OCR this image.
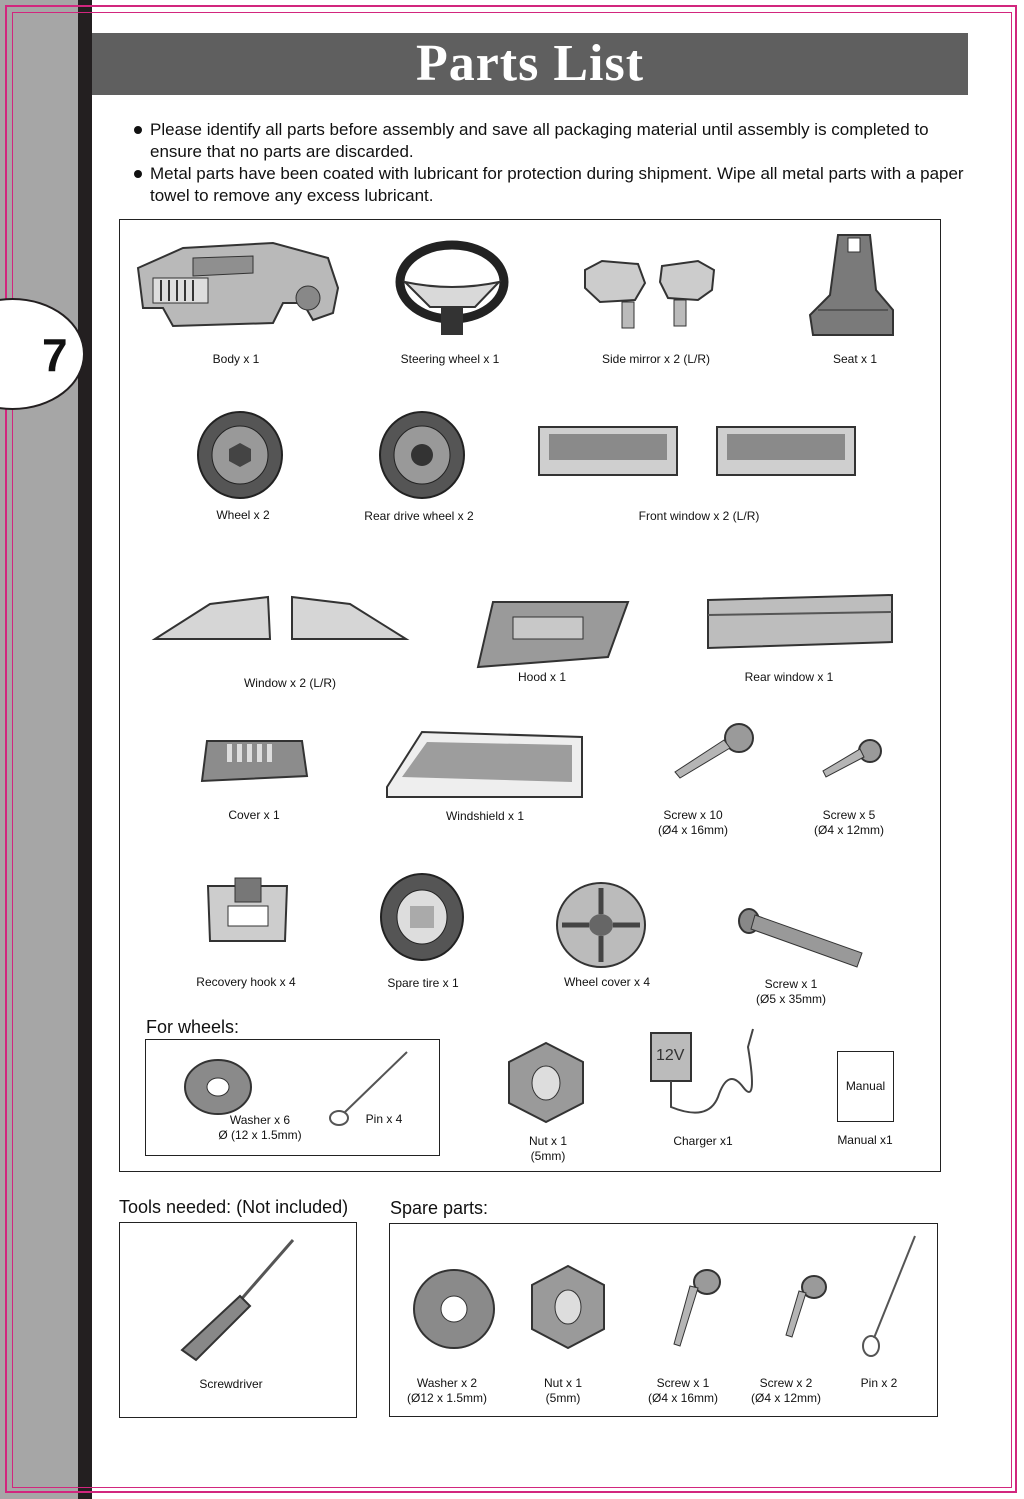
7
Parts List
Please identify all parts before assembly and save all packaging material until assembly is completed to ensure that no parts are discarded.
Metal parts have been coated with lubricant for protection during shipment. Wipe all metal parts with a paper towel to remove any excess lubricant.
Body x 1	Steering wheel x 1	Side mirror x 2 (L/R)	Seat x 1
Wheel x 2	Rear drive wheel x 2	Front window x 2 (L/R)
Window x 2 (L/R)	Hood x 1	Rear window x 1
Cover x 1	Windshield x 1	Screw x 10
(Ø4 x 16mm)
Screw x 5
(Ø4 x 12mm)
Recovery hook x 4	Spare tire x 1	Wheel cover x 4	Screw x 1
(Ø5 x 35mm)
For wheels:
Washer x 6
Ø (12 x 1.5mm)
Pin x 4
Nut x 1
(5mm)
12V
Charger x1
Manual
Manual x1
Tools needed: (Not included)
Screwdriver
Spare parts:
Washer x 2
(Ø12 x 1.5mm)
Nut x 1
(5mm)
Screw x 1
(Ø4 x 16mm)
Screw x 2
(Ø4 x 12mm)
Pin x 2
